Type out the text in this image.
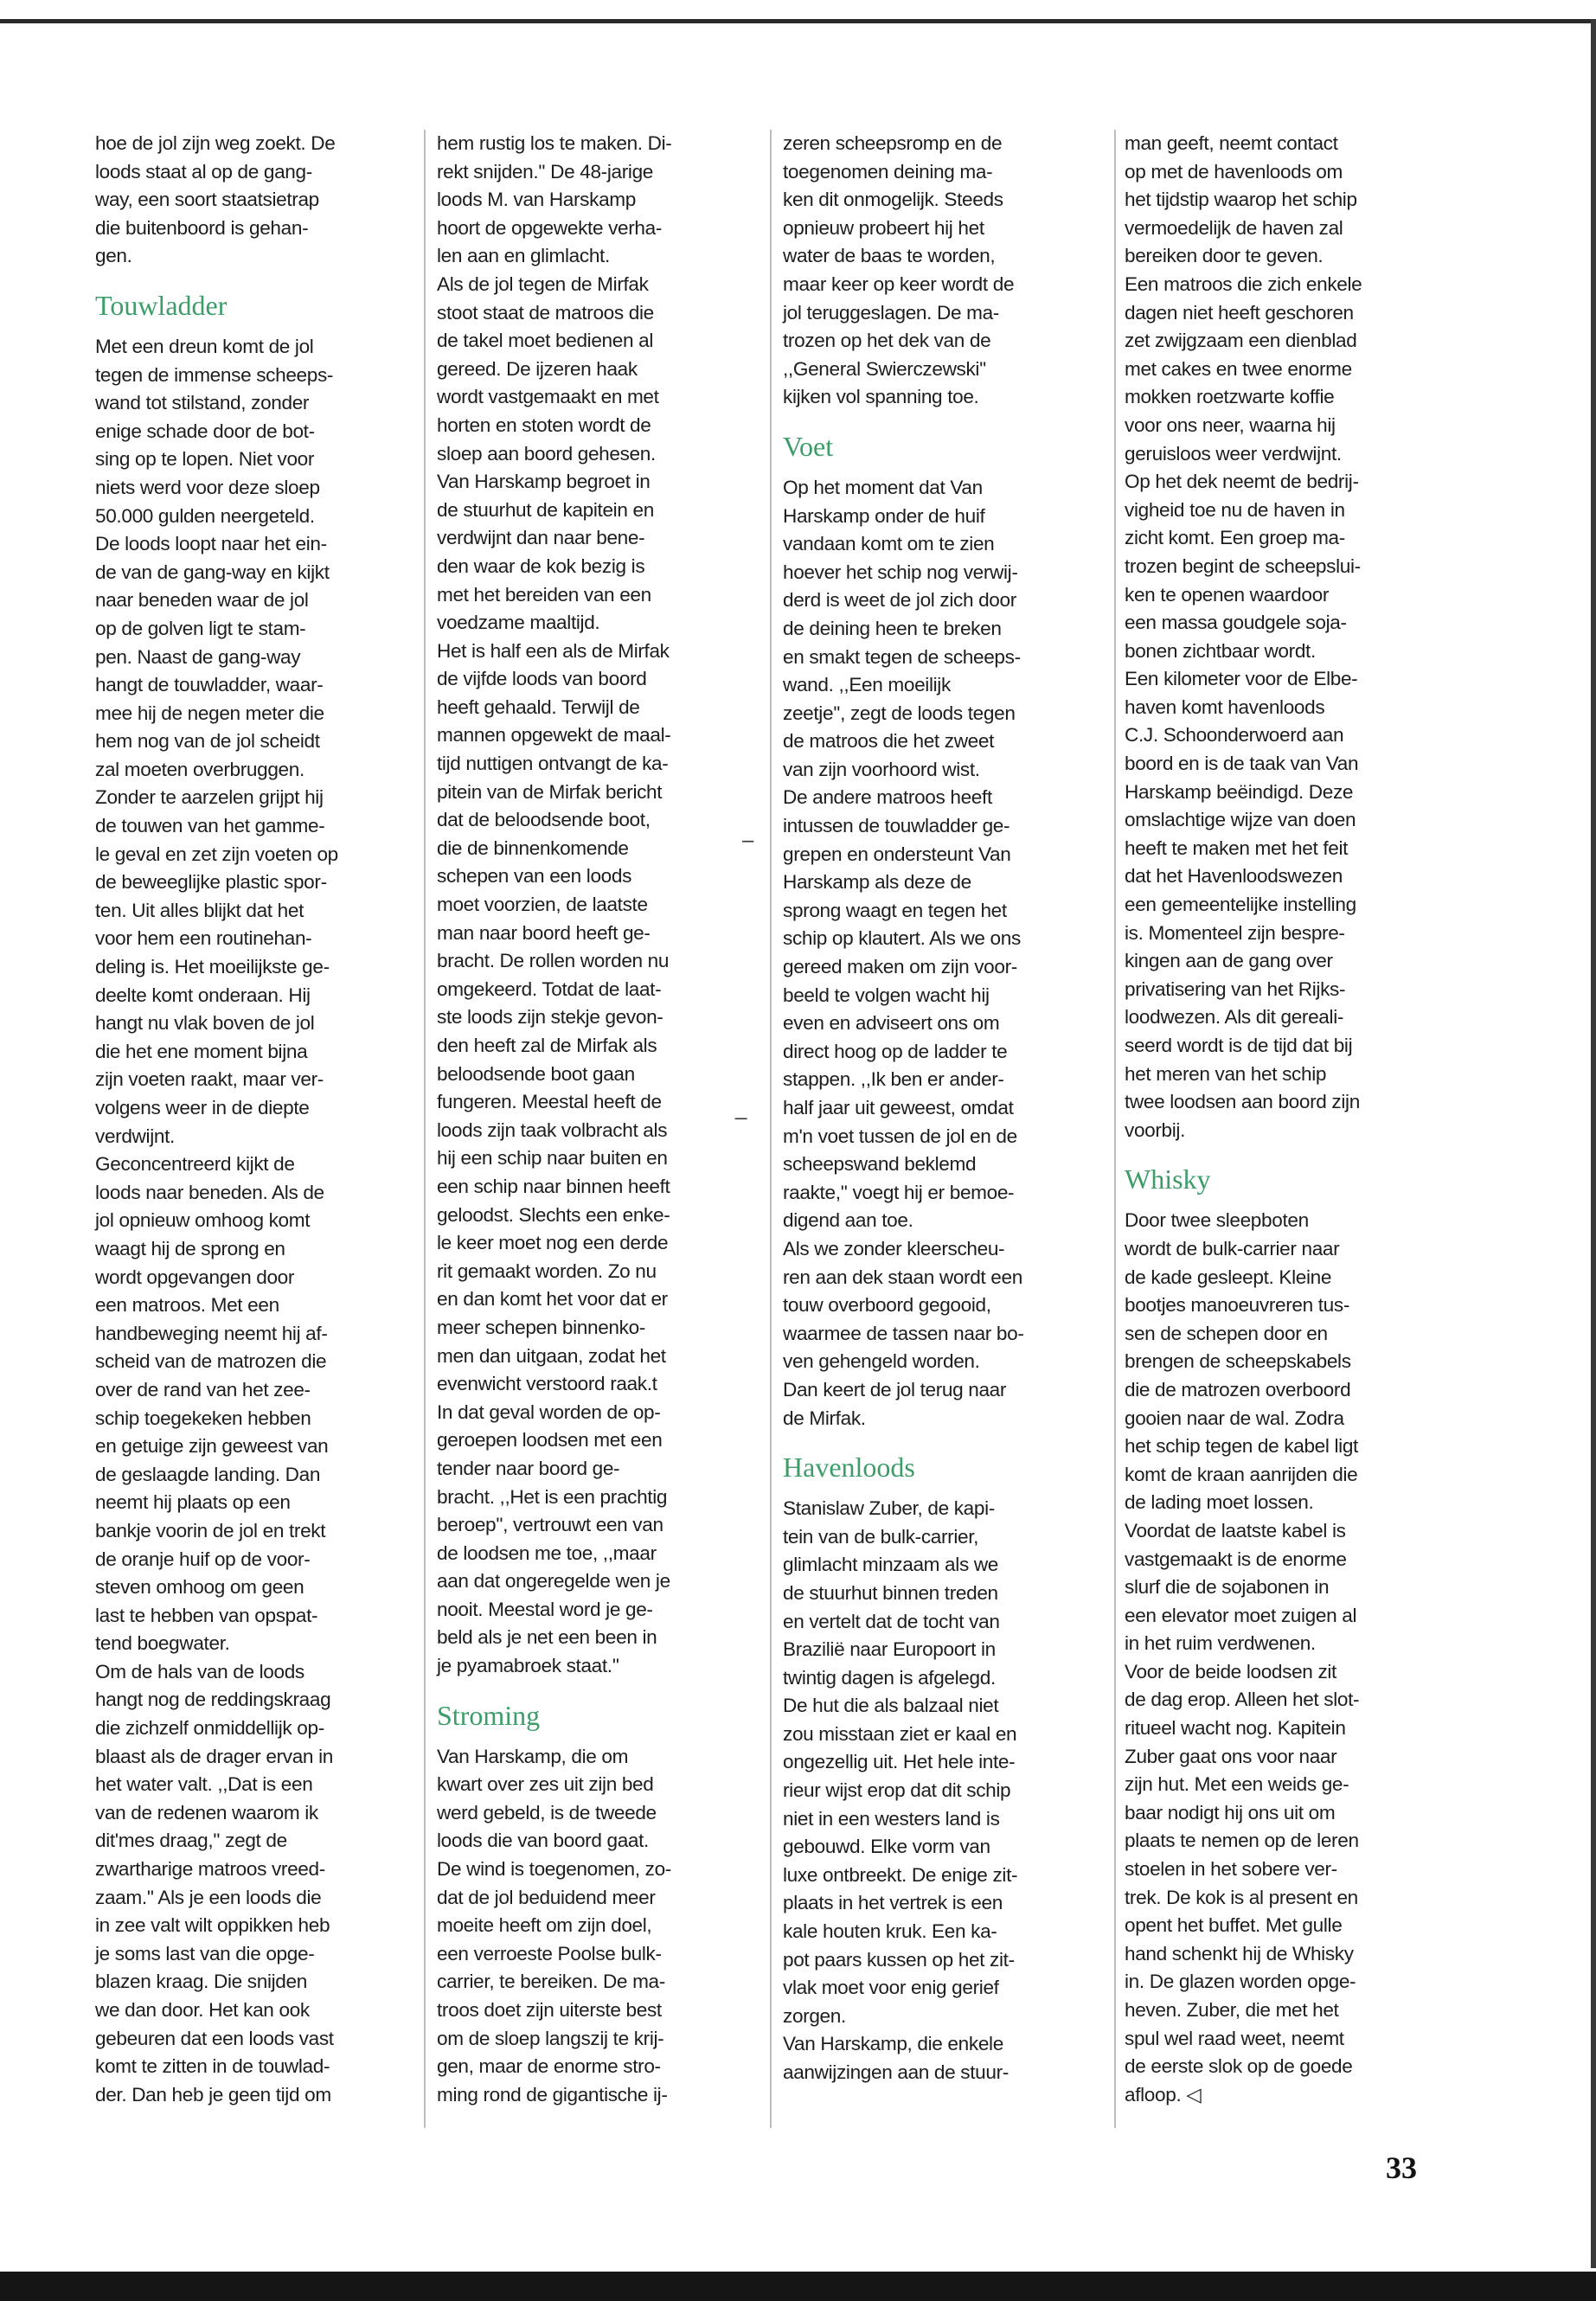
hoe de jol zijn weg zoekt. De
loods staat al op de gang-
way, een soort staatsietrap
die buitenboord is gehan-
gen.

Touwladder

Met een dreun komt de jol
tegen de immense scheeps-
wand tot stilstand, zonder
enige schade door de bot-
sing op te lopen. Niet voor
niets werd voor deze sloep
50.000 gulden neergeteld.
De loods loopt naar het ein-
de van de gang-way en kijkt
naar beneden waar de jol
op de golven ligt te stam-
pen. Naast de gang-way
hangt de touwladder, waar-
mee hij de negen meter die
hem nog van de jol scheidt
zal moeten overbruggen.
Zonder te aarzelen grijpt hij
de touwen van het gamme-
le geval en zet zijn voeten op
de beweeglijke plastic spor-
ten. Uit alles blijkt dat het
voor hem een routinehan-
deling is. Het moeilijkste ge-
deelte komt onderaan. Hij
hangt nu vlak boven de jol
die het ene moment bijna
zijn voeten raakt, maar ver-
volgens weer in de diepte
verdwijnt.
Geconcentreerd kijkt de
loods naar beneden. Als de
jol opnieuw omhoog komt
waagt hij de sprong en
wordt opgevangen door
een matroos. Met een
handbeweging neemt hij af-
scheid van de matrozen die
over de rand van het zee-
schip toegekeken hebben
en getuige zijn geweest van
de geslaagde landing. Dan
neemt hij plaats op een
bankje voorin de jol en trekt
de oranje huif op de voor-
steven omhoog om geen
last te hebben van opspat-
tend boegwater.
Om de hals van de loods
hangt nog de reddingskraag
die zichzelf onmiddellijk op-
blaast als de drager ervan in
het water valt. ,,Dat is een
van de redenen waarom ik
dit'mes draag,'' zegt de
zwartharige matroos vreed-
zaam.'' Als je een loods die
in zee valt wilt oppikken heb
je soms last van die opge-
blazen kraag. Die snijden
we dan door. Het kan ook
gebeuren dat een loods vast
komt te zitten in de touwlad-
der. Dan heb je geen tijd om

hem rustig los te maken. Di-
rekt snijden.'' De 48-jarige
loods M. van Harskamp
hoort de opgewekte verha-
len aan en glimlacht.
Als de jol tegen de Mirfak
stoot staat de matroos die
de takel moet bedienen al
gereed. De ijzeren haak
wordt vastgemaakt en met
horten en stoten wordt de
sloep aan boord gehesen.
Van Harskamp begroet in
de stuurhut de kapitein en
verdwijnt dan naar bene-
den waar de kok bezig is
met het bereiden van een
voedzame maaltijd.
Het is half een als de Mirfak
de vijfde loods van boord
heeft gehaald. Terwijl de
mannen opgewekt de maal-
tijd nuttigen ontvangt de ka-
pitein van de Mirfak bericht
dat de beloodsende boot,
die de binnenkomende
schepen van een loods
moet voorzien, de laatste
man naar boord heeft ge-
bracht. De rollen worden nu
omgekeerd. Totdat de laat-
ste loods zijn stekje gevon-
den heeft zal de Mirfak als
beloodsende boot gaan
fungeren. Meestal heeft de
loods zijn taak volbracht als
hij een schip naar buiten en
een schip naar binnen heeft
geloodst. Slechts een enke-
le keer moet nog een derde
rit gemaakt worden. Zo nu
en dan komt het voor dat er
meer schepen binnenko-
men dan uitgaan, zodat het
evenwicht verstoord raak.t
In dat geval worden de op-
geroepen loodsen met een
tender naar boord ge-
bracht. ,,Het is een prachtig
beroep'', vertrouwt een van
de loodsen me toe, ,,maar
aan dat ongeregelde wen je
nooit. Meestal word je ge-
beld als je net een been in
je pyamabroek staat.''

Stroming

Van Harskamp, die om
kwart over zes uit zijn bed
werd gebeld, is de tweede
loods die van boord gaat.
De wind is toegenomen, zo-
dat de jol beduidend meer
moeite heeft om zijn doel,
een verroeste Poolse bulk-
carrier, te bereiken. De ma-
troos doet zijn uiterste best
om de sloep langszij te krij-
gen, maar de enorme stro-
ming rond de gigantische ij-

zeren scheepsromp en de
toegenomen deining ma-
ken dit onmogelijk. Steeds
opnieuw probeert hij het
water de baas te worden,
maar keer op keer wordt de
jol teruggeslagen. De ma-
trozen op het dek van de
,,General Swierczewski''
kijken vol spanning toe.

Voet

Op het moment dat Van
Harskamp onder de huif
vandaan komt om te zien
hoever het schip nog verwij-
derd is weet de jol zich door
de deining heen te breken
en smakt tegen de scheeps-
wand. ,,Een moeilijk
zeetje'', zegt de loods tegen
de matroos die het zweet
van zijn voorhoord wist.
De andere matroos heeft
intussen de touwladder ge-
grepen en ondersteunt Van
Harskamp als deze de
sprong waagt en tegen het
schip op klautert. Als we ons
gereed maken om zijn voor-
beeld te volgen wacht hij
even en adviseert ons om
direct hoog op de ladder te
stappen. ,,Ik ben er ander-
half jaar uit geweest, omdat
m'n voet tussen de jol en de
scheepswand beklemd
raakte,'' voegt hij er bemoe-
digend aan toe.
Als we zonder kleerscheu-
ren aan dek staan wordt een
touw overboord gegooid,
waarmee de tassen naar bo-
ven gehengeld worden.
Dan keert de jol terug naar
de Mirfak.

Havenloods

Stanislaw Zuber, de kapi-
tein van de bulk-carrier,
glimlacht minzaam als we
de stuurhut binnen treden
en vertelt dat de tocht van
Brazilië naar Europoort in
twintig dagen is afgelegd.
De hut die als balzaal niet
zou misstaan ziet er kaal en
ongezellig uit. Het hele inte-
rieur wijst erop dat dit schip
niet in een westers land is
gebouwd. Elke vorm van
luxe ontbreekt. De enige zit-
plaats in het vertrek is een
kale houten kruk. Een ka-
pot paars kussen op het zit-
vlak moet voor enig gerief
zorgen.
Van Harskamp, die enkele
aanwijzingen aan de stuur-

man geeft, neemt contact
op met de havenloods om
het tijdstip waarop het schip
vermoedelijk de haven zal
bereiken door te geven.
Een matroos die zich enkele
dagen niet heeft geschoren
zet zwijgzaam een dienblad
met cakes en twee enorme
mokken roetzwarte koffie
voor ons neer, waarna hij
geruisloos weer verdwijnt.
Op het dek neemt de bedrij-
vigheid toe nu de haven in
zicht komt. Een groep ma-
trozen begint de scheepslui-
ken te openen waardoor
een massa goudgele soja-
bonen zichtbaar wordt.
Een kilometer voor de Elbe-
haven komt havenloods
C.J. Schoonderwoerd aan
boord en is de taak van Van
Harskamp beëindigd. Deze
omslachtige wijze van doen
heeft te maken met het feit
dat het Havenloodswezen
een gemeentelijke instelling
is. Momenteel zijn bespre-
kingen aan de gang over
privatisering van het Rijks-
loodwezen. Als dit gereali-
seerd wordt is de tijd dat bij
het meren van het schip
twee loodsen aan boord zijn
voorbij.

Whisky

Door twee sleepboten
wordt de bulk-carrier naar
de kade gesleept. Kleine
bootjes manoeuvreren tus-
sen de schepen door en
brengen de scheepskabels
die de matrozen overboord
gooien naar de wal. Zodra
het schip tegen de kabel ligt
komt de kraan aanrijden die
de lading moet lossen.
Voordat de laatste kabel is
vastgemaakt is de enorme
slurf die de sojabonen in
een elevator moet zuigen al
in het ruim verdwenen.
Voor de beide loodsen zit
de dag erop. Alleen het slot-
ritueel wacht nog. Kapitein
Zuber gaat ons voor naar
zijn hut. Met een weids ge-
baar nodigt hij ons uit om
plaats te nemen op de leren
stoelen in het sobere ver-
trek. De kok is al present en
opent het buffet. Met gulle
hand schenkt hij de Whisky
in. De glazen worden opge-
heven. Zuber, die met het
spul wel raad weet, neemt
de eerste slok op de goede
afloop. ◁

–
_
33
